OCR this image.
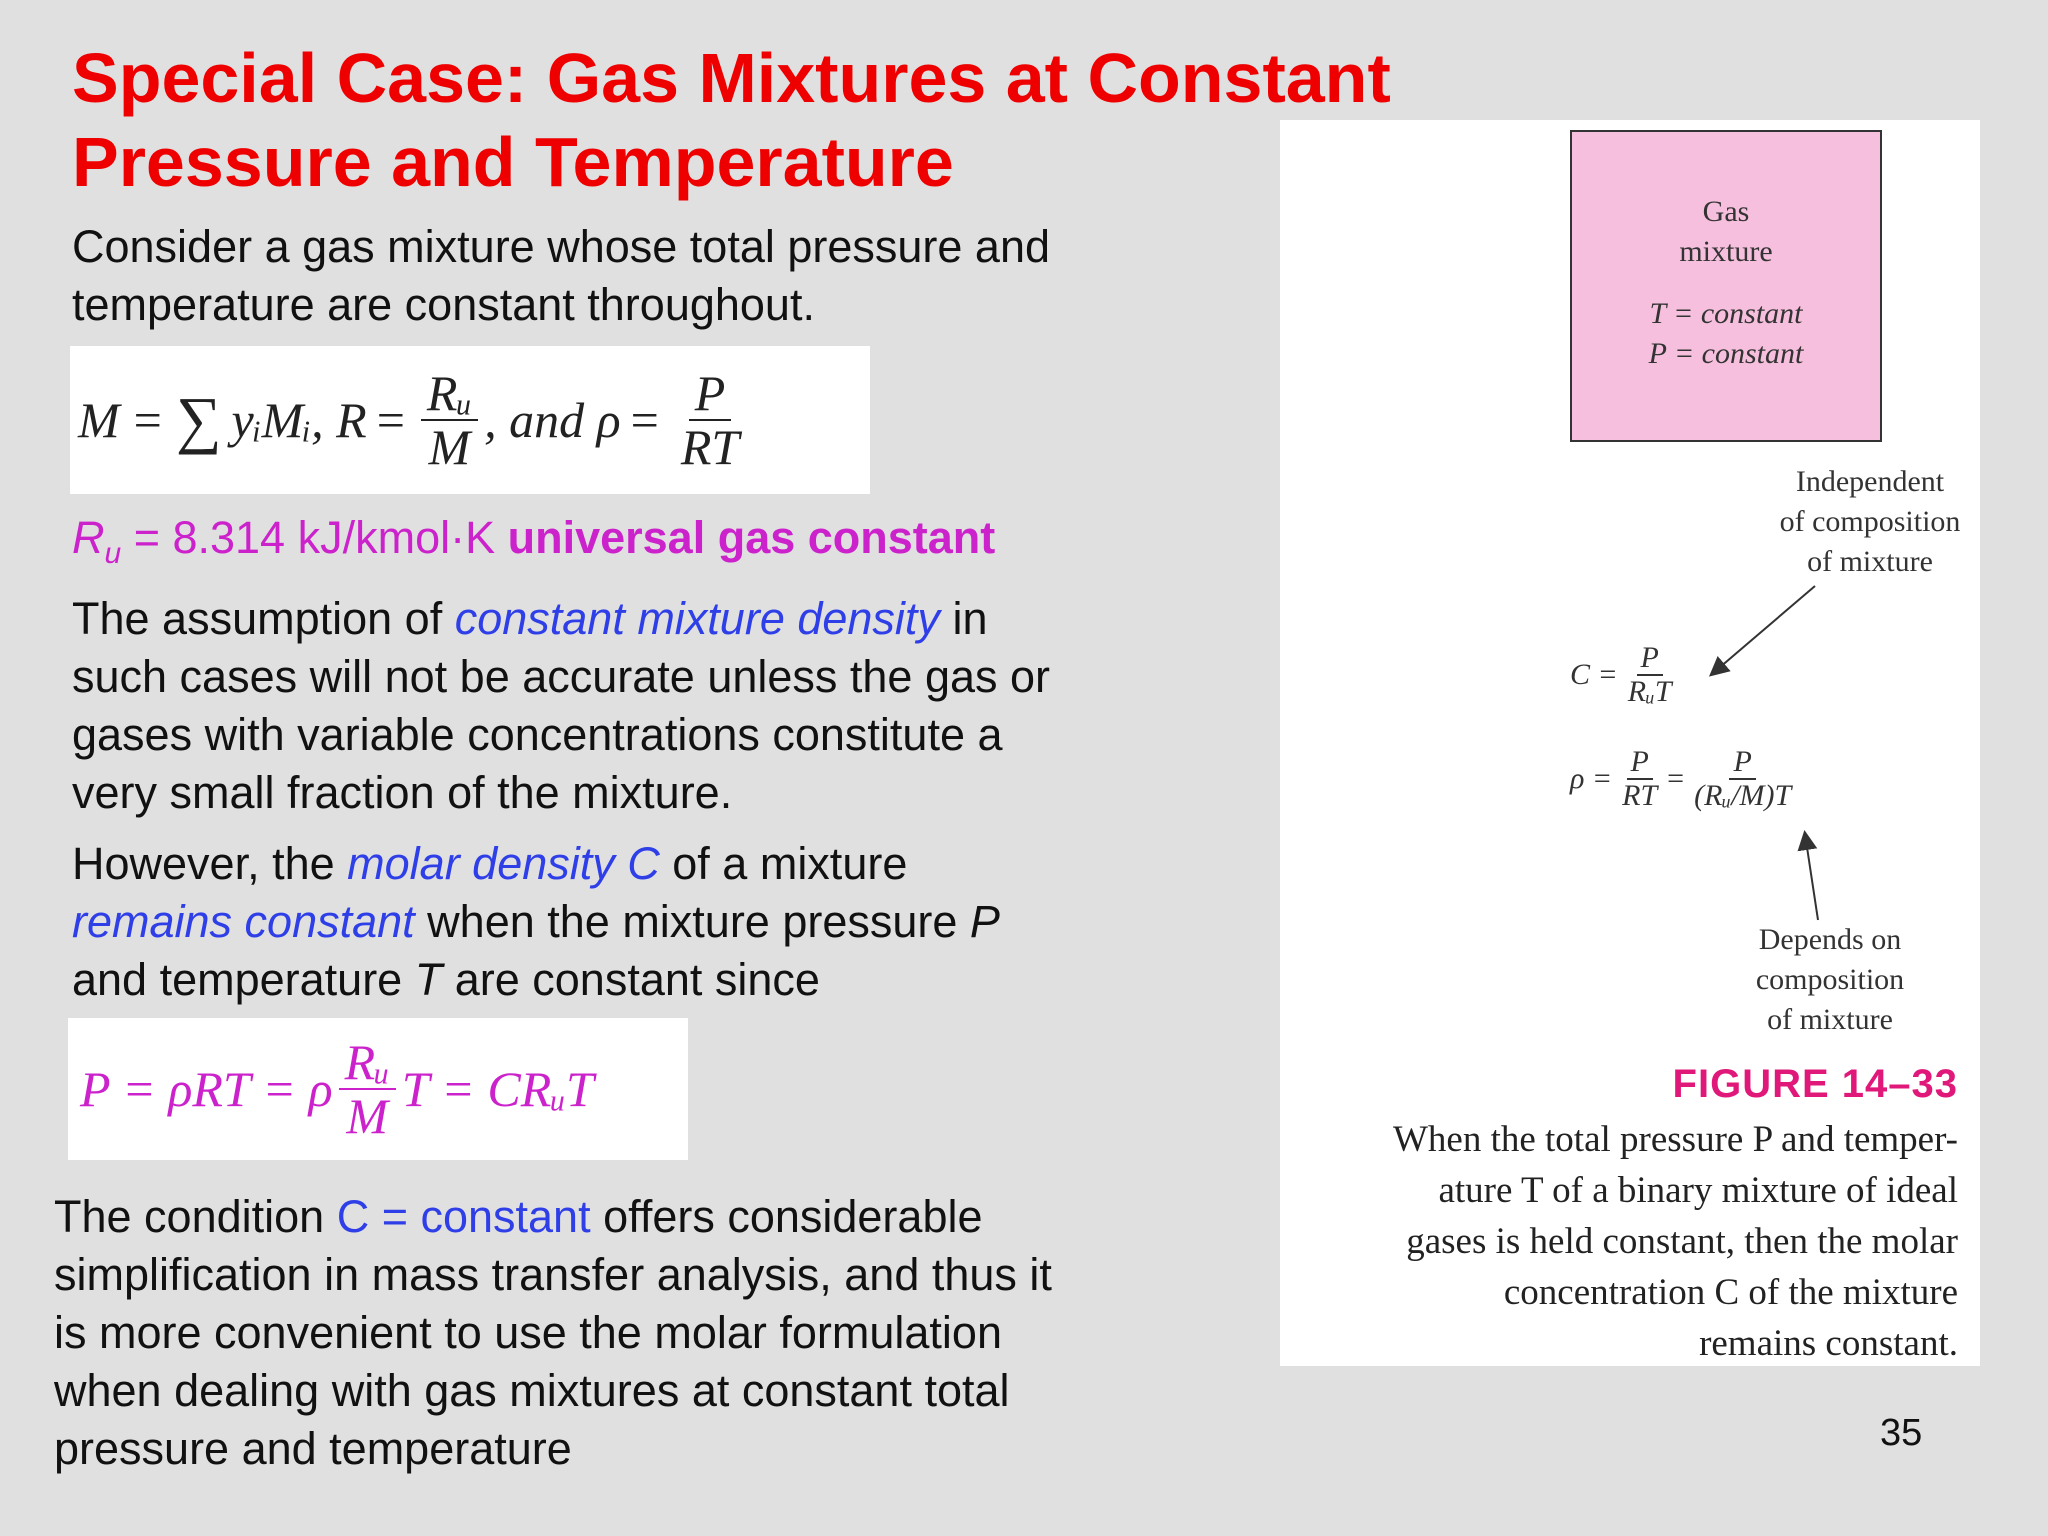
Special Case: Gas Mixtures at Constant
Pressure and Temperature
Consider a gas mixture whose total pressure and
temperature are constant throughout.
M = ∑ yᵢMᵢ, $R = \frac{\text{Rᵤ}}{M}$ , and $\rho = \frac{P}{RT}$
$R_u = 8.314$ kJ/kmol·K universal gas constant
The assumption of constant mixture density in
such cases will not be accurate unless the gas or
gases with variable concentrations constitute a
very small fraction of the mixture.
However, the molar density C of a mixture
remains constant when the mixture pressure P
and temperature T are constant since
P = ρRT = ρ $\frac{\text{Rᵤ}}{M}$ T = CRᵤT
The condition C = constant offers considerable
simplification in mass transfer analysis, and thus it
is more convenient to use the molar formulation
when dealing with gas mixtures at constant total
pressure and temperature
Gas
mixture
T = constant
P = constant
Independent
of composition
of mixture
$C = \frac{P}{\text{RᵤT}}$
$\rho = \frac{P}{RT} = \frac{P}{\text{(Rᵤ/M)T}}$
Depends on
composition
of mixture
FIGURE 14–33
When the total pressure P and temper-
ature T of a binary mixture of ideal
gases is held constant, then the molar
concentration C of the mixture
remains constant.
35
